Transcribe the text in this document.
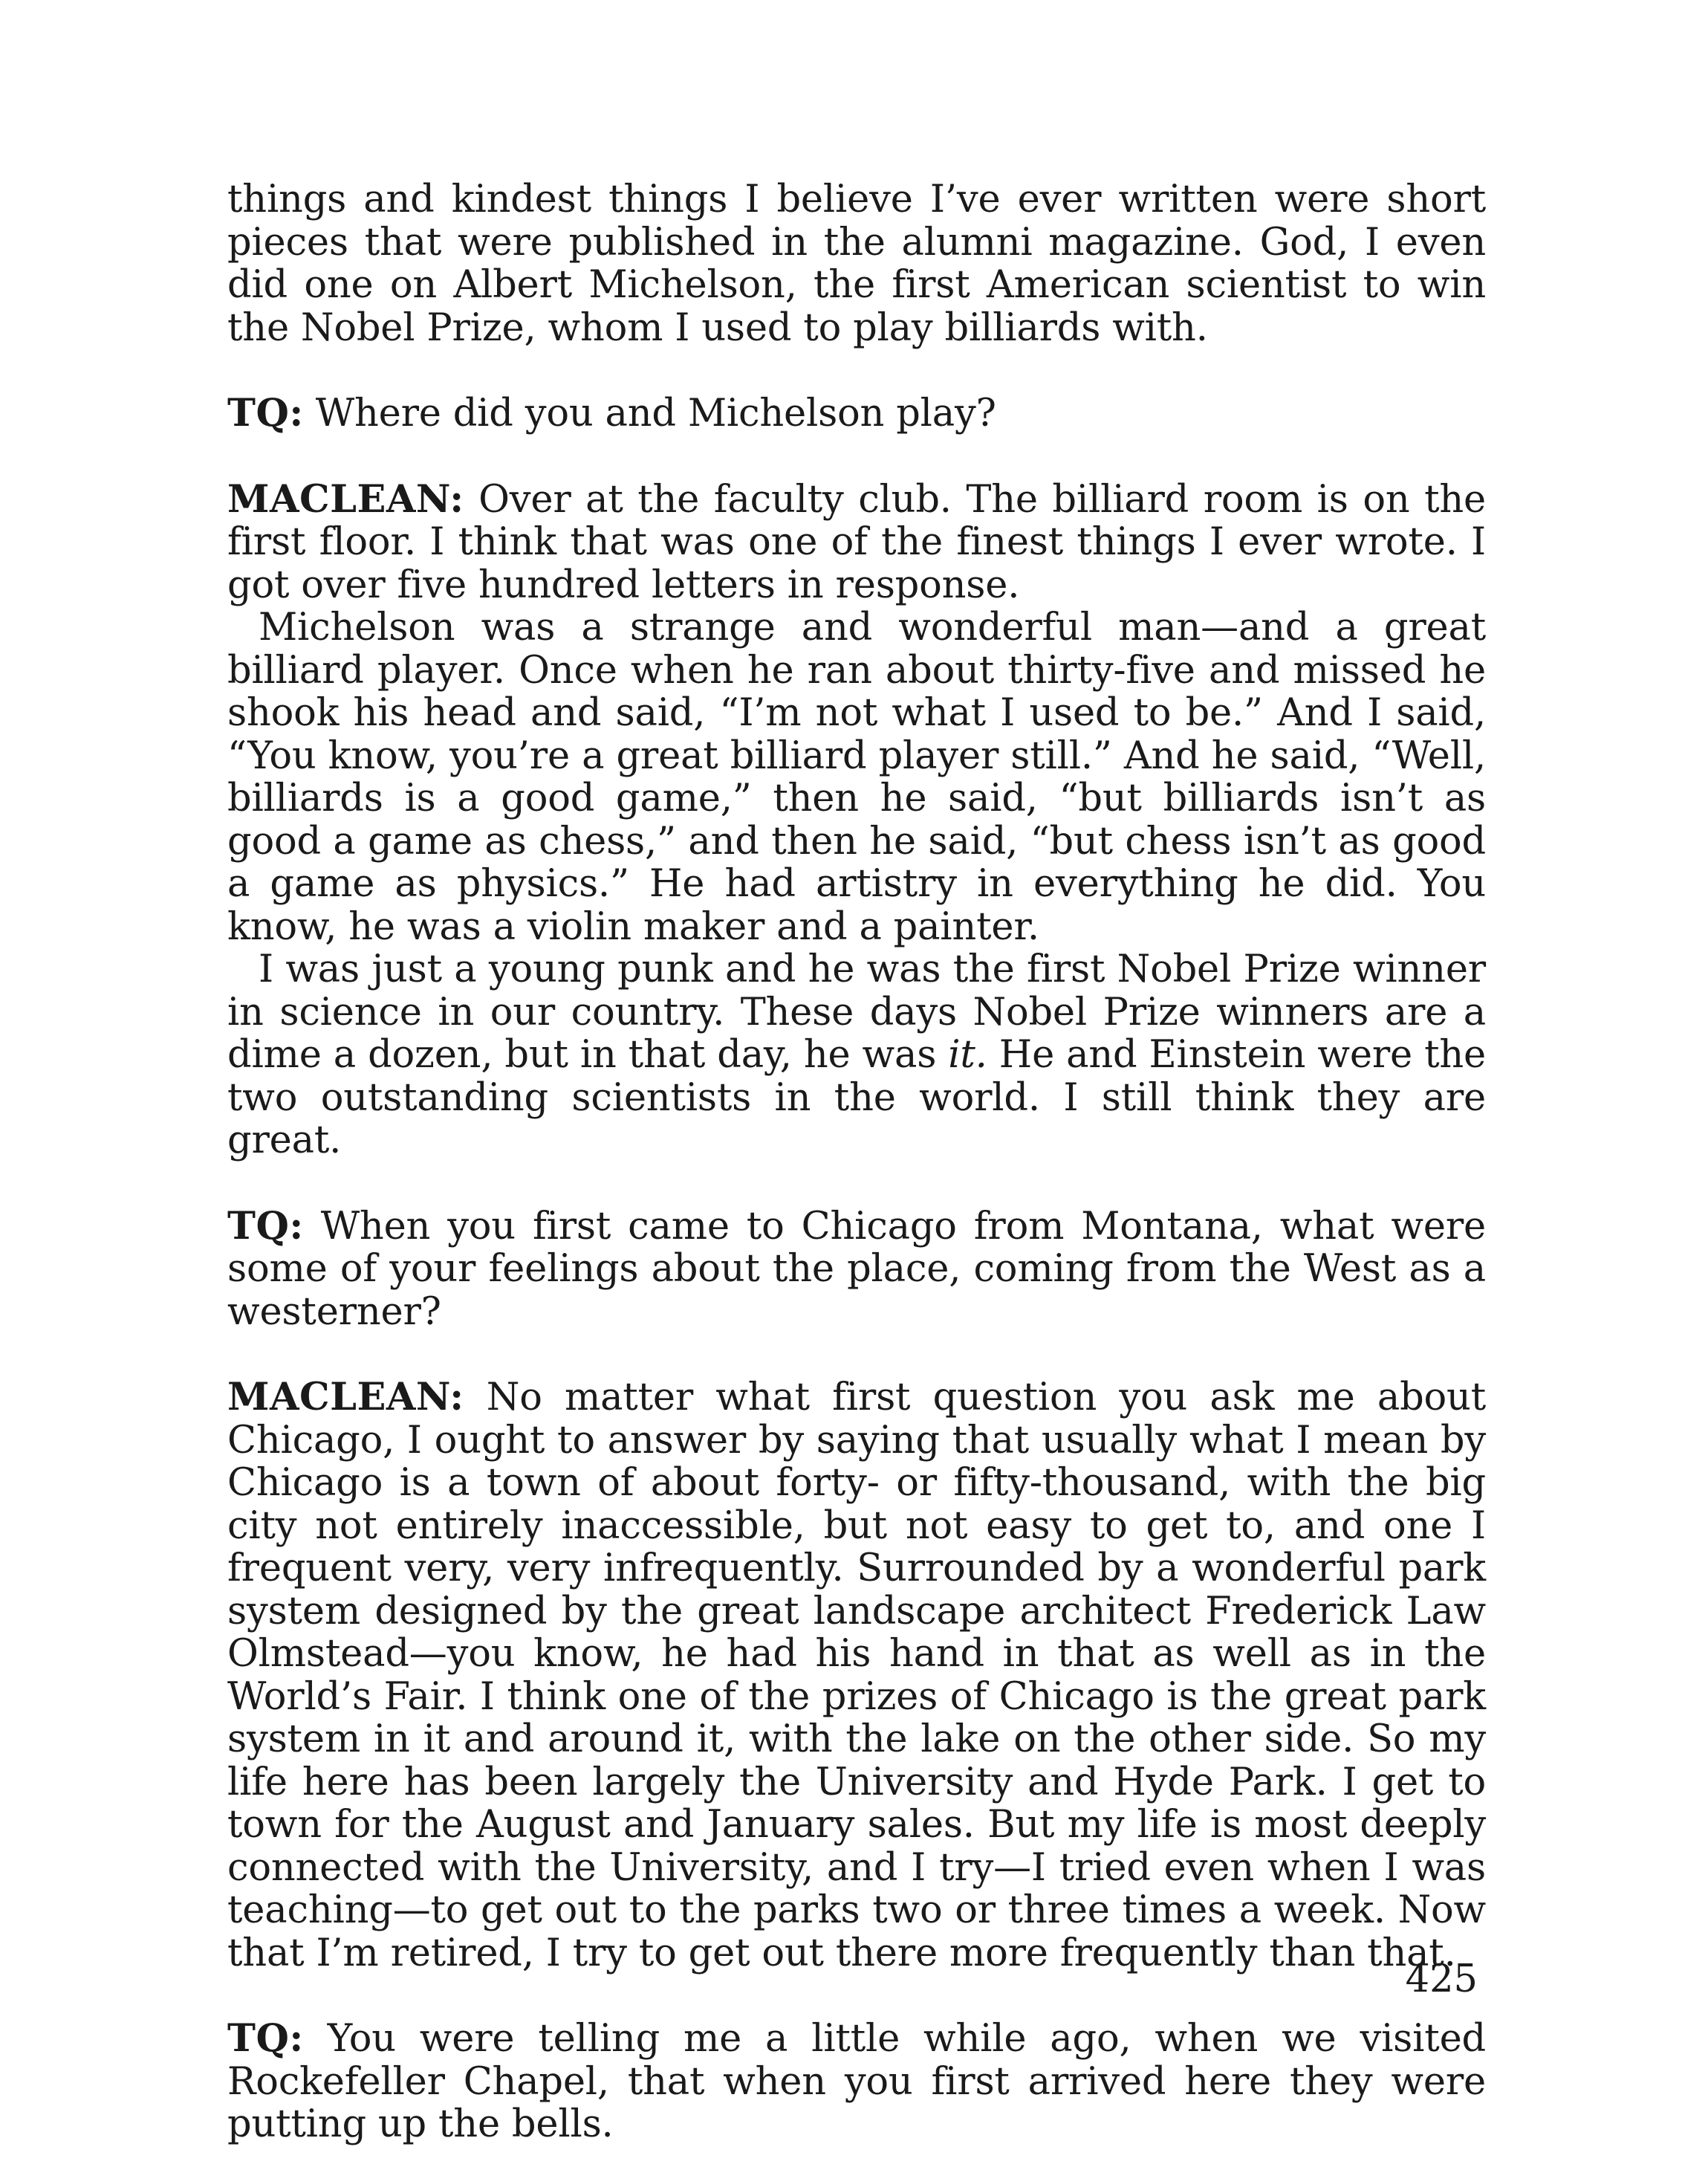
things and kindest things I believe I’ve ever written were short pieces that were published in the alumni magazine. God, I even did one on Albert Michelson, the first American scientist to win the Nobel Prize, whom I used to play billiards with.

TQ: Where did you and Michelson play?

MACLEAN: Over at the faculty club. The billiard room is on the first floor. I think that was one of the finest things I ever wrote. I got over five hundred letters in response.

Michelson was a strange and wonderful man—and a great billiard player. Once when he ran about thirty-five and missed he shook his head and said, “I’m not what I used to be.” And I said, “You know, you’re a great billiard player still.” And he said, “Well, billiards is a good game,” then he said, “but billiards isn’t as good a game as chess,” and then he said, “but chess isn’t as good a game as physics.” He had artistry in everything he did. You know, he was a violin maker and a painter.

I was just a young punk and he was the first Nobel Prize winner in science in our country. These days Nobel Prize winners are a dime a dozen, but in that day, he was it. He and Einstein were the two outstanding scientists in the world. I still think they are great.

TQ: When you first came to Chicago from Montana, what were some of your feelings about the place, coming from the West as a westerner?

MACLEAN: No matter what first question you ask me about Chicago, I ought to answer by saying that usually what I mean by Chicago is a town of about forty- or fifty-thousand, with the big city not entirely inaccessible, but not easy to get to, and one I frequent very, very infrequently. Surrounded by a wonderful park system designed by the great landscape architect Frederick Law Olmstead—you know, he had his hand in that as well as in the World’s Fair. I think one of the prizes of Chicago is the great park system in it and around it, with the lake on the other side. So my life here has been largely the University and Hyde Park. I get to town for the August and January sales. But my life is most deeply connected with the University, and I try—I tried even when I was teaching—to get out to the parks two or three times a week. Now that I’m retired, I try to get out there more frequently than that.

TQ: You were telling me a little while ago, when we visited Rockefeller Chapel, that when you first arrived here they were putting up the bells.

425
